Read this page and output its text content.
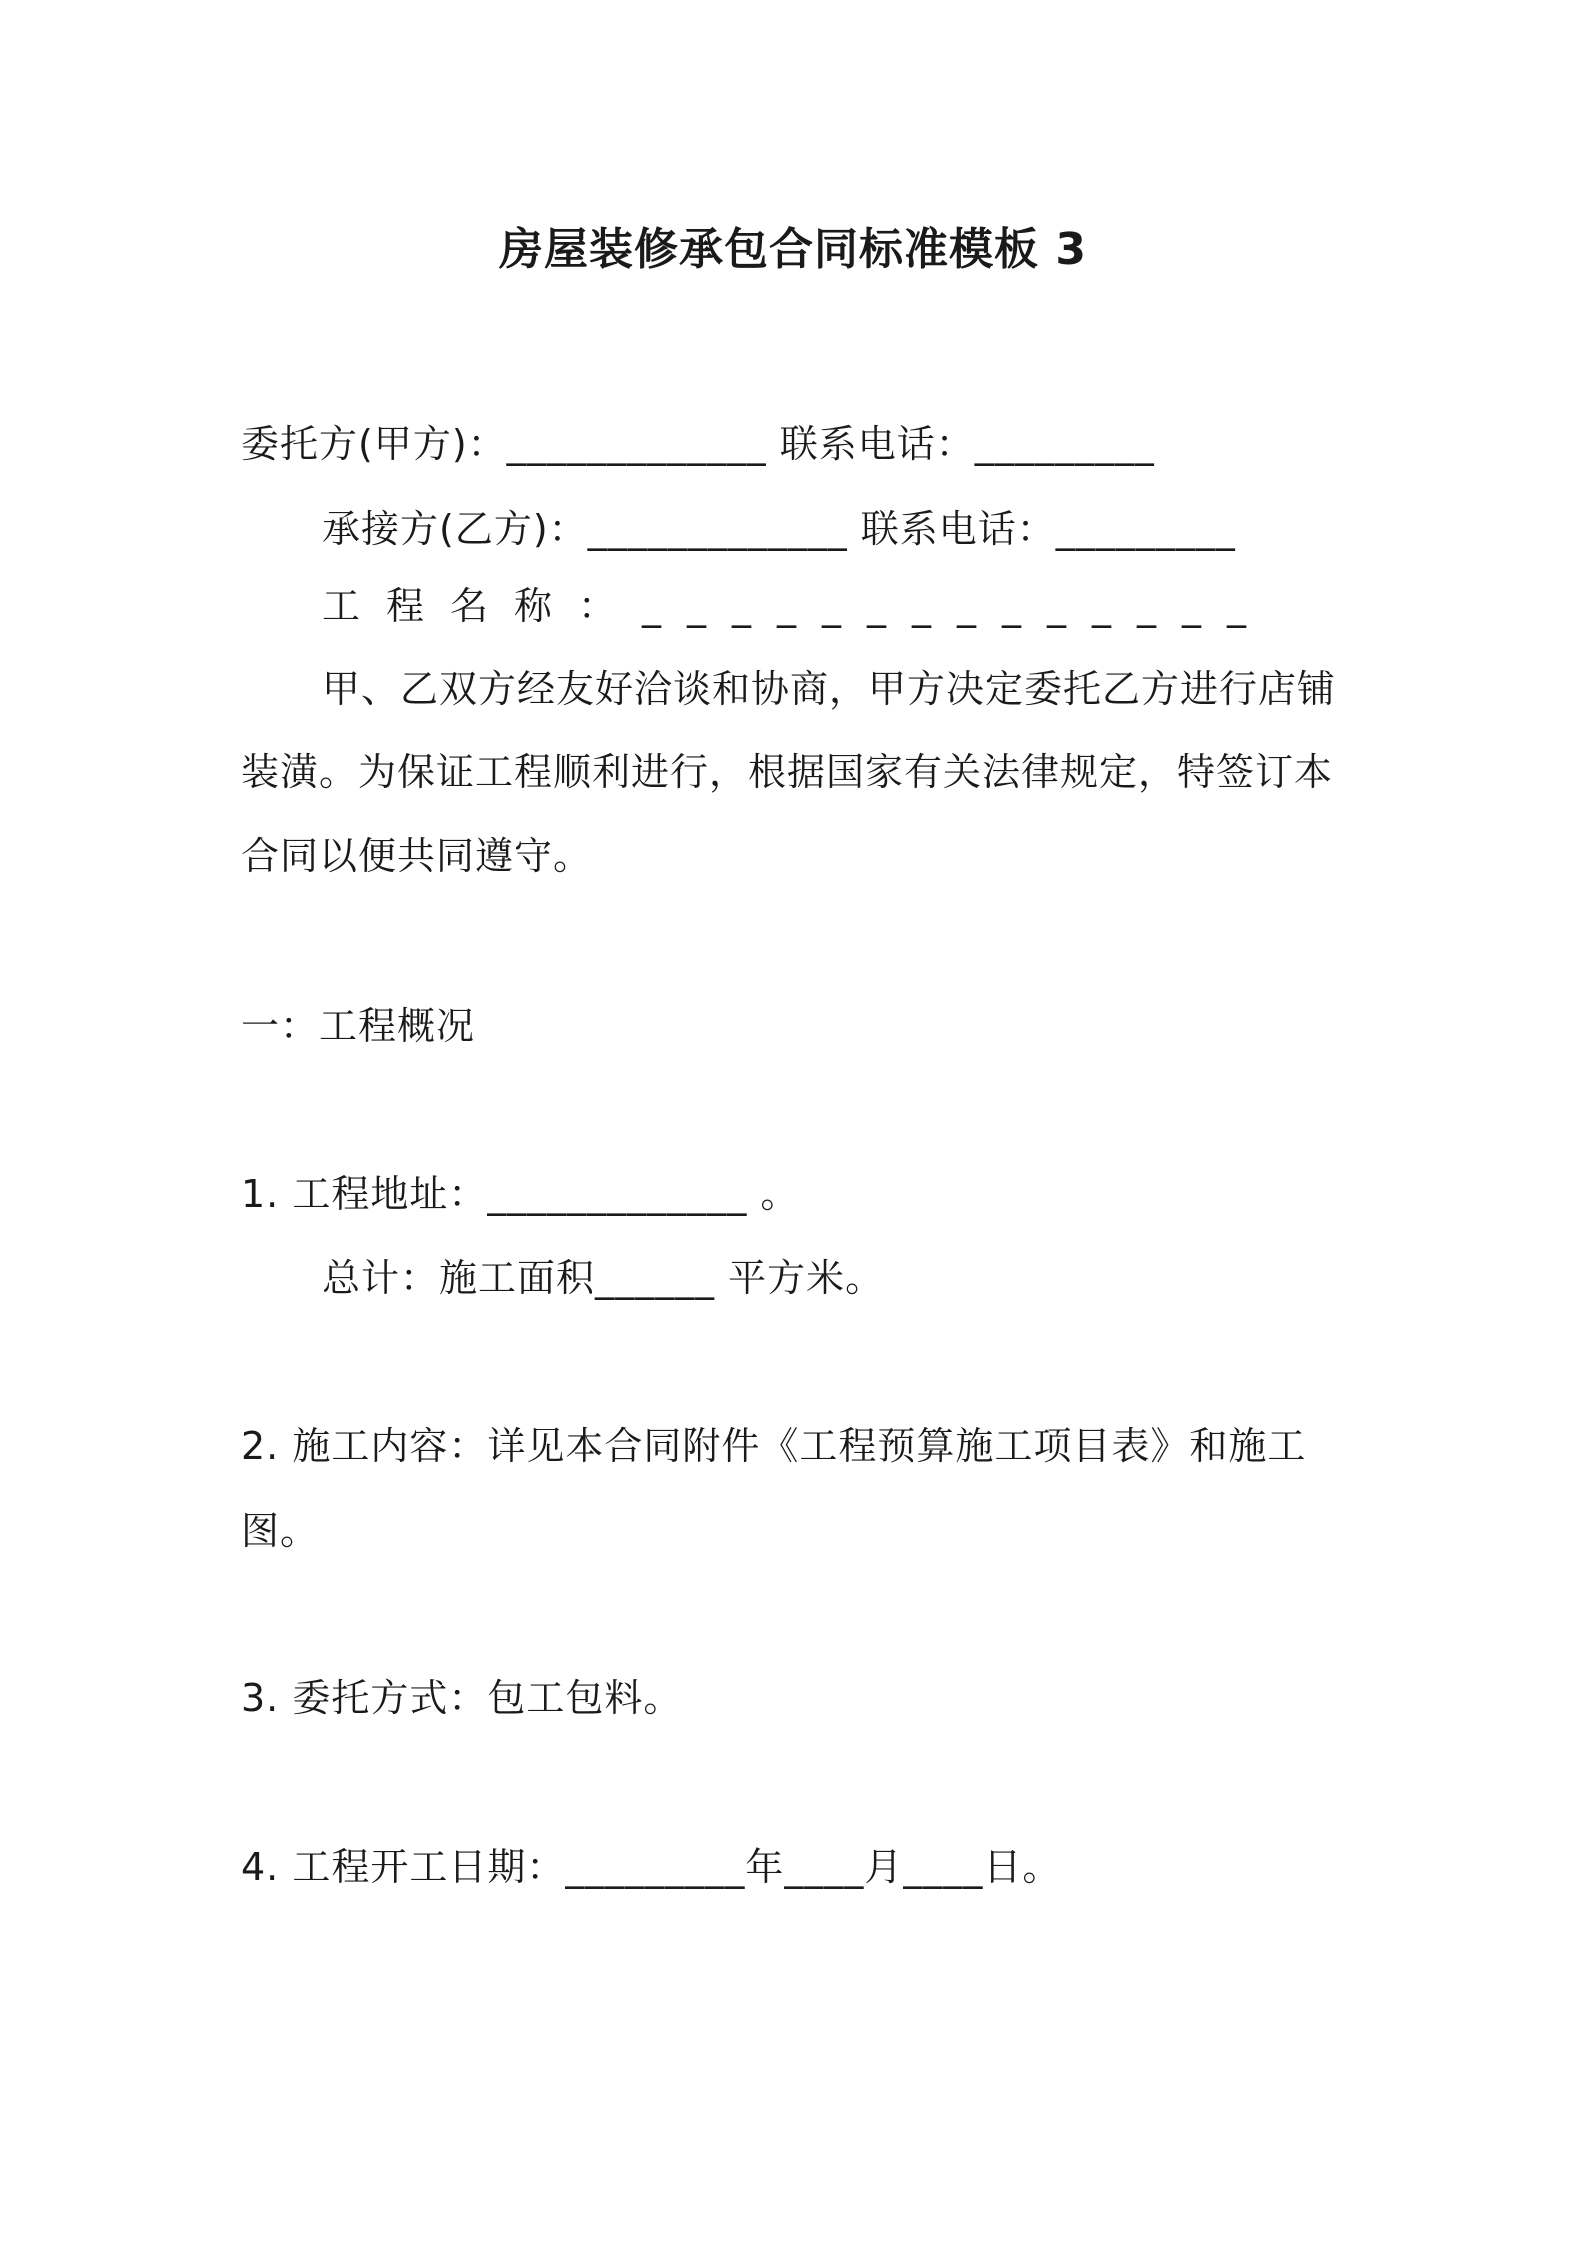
房屋装修承包合同标准模板 3
委托方(甲方)：_____________ 联系电话：_________
承接方(乙方)：_____________ 联系电话：_________
工程名称：______________
甲、乙双方经友好洽谈和协商，甲方决定委托乙方进行店铺
装潢。为保证工程顺利进行，根据国家有关法律规定，特签订本
合同以便共同遵守。
一：工程概况
1. 工程地址：_____________ 。
总计：施工面积______ 平方米。
2. 施工内容：详见本合同附件《工程预算施工项目表》和施工
图。
3. 委托方式：包工包料。
4. 工程开工日期：_________年____月____日。
